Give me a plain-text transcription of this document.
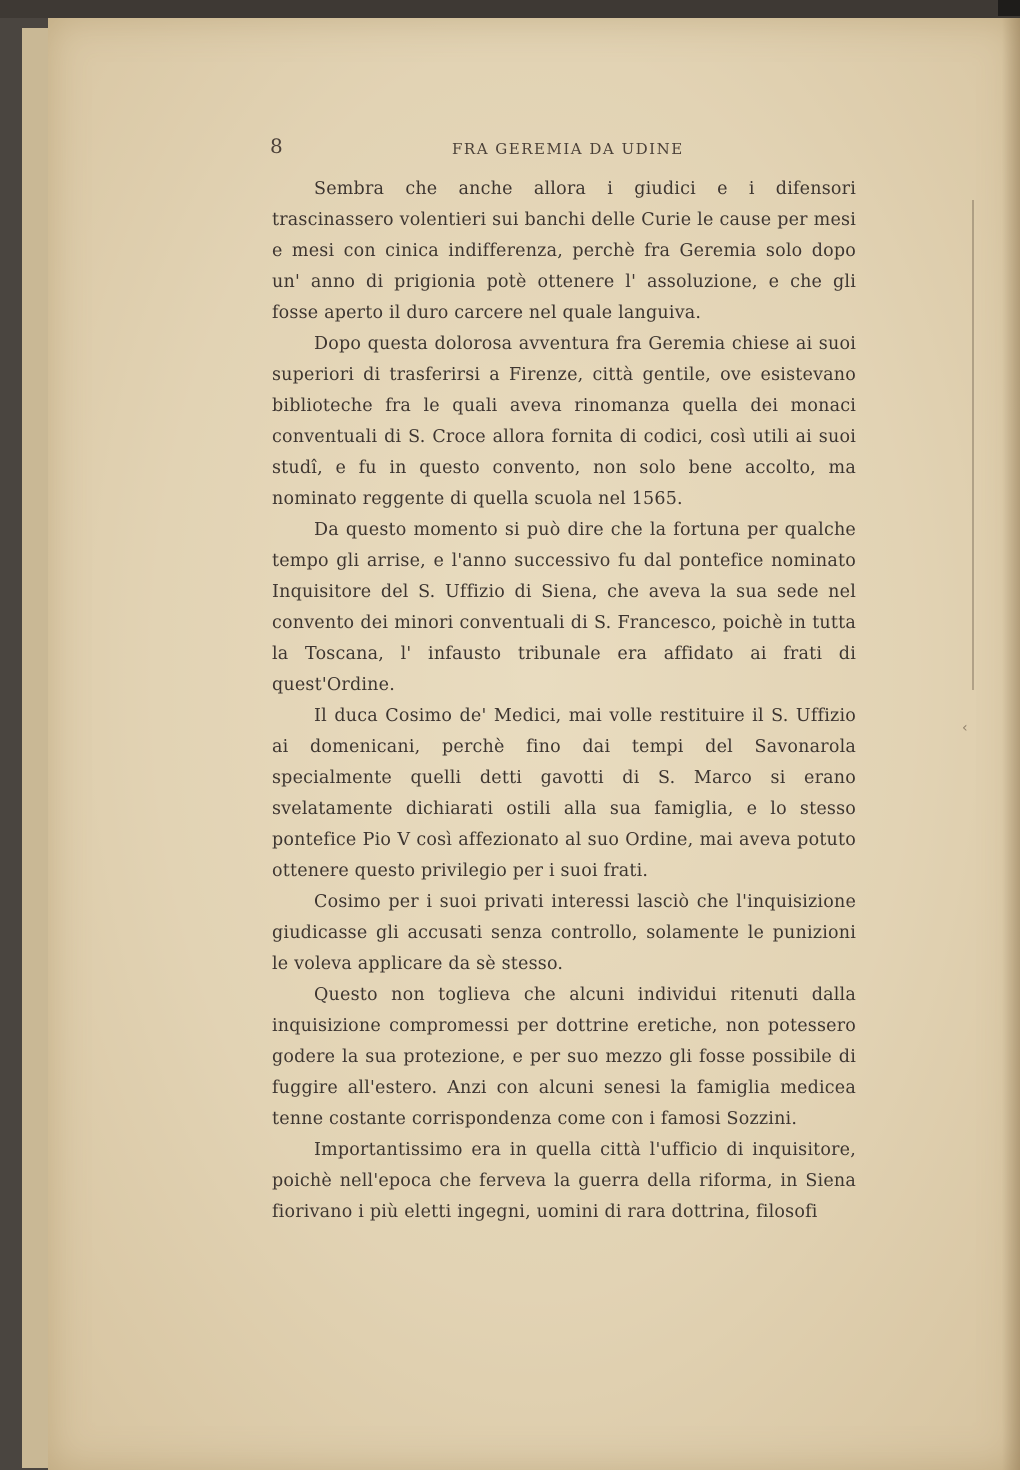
8	FRA GEREMIA DA UDINE

Sembra che anche allora i giudici e i difensori trascinassero volentieri sui banchi delle Curie le cause per mesi e mesi con cinica indifferenza, perchè fra Geremia solo dopo un' anno di prigionia potè ottenere l' assoluzione, e che gli fosse aperto il duro carcere nel quale languiva.

Dopo questa dolorosa avventura fra Geremia chiese ai suoi superiori di trasferirsi a Firenze, città gentile, ove esistevano biblioteche fra le quali aveva rinomanza quella dei monaci conventuali di S. Croce allora fornita di codici, così utili ai suoi studî, e fu in questo convento, non solo bene accolto, ma nominato reggente di quella scuola nel 1565.

Da questo momento si può dire che la fortuna per qualche tempo gli arrise, e l'anno successivo fu dal pontefice nominato Inquisitore del S. Uffizio di Siena, che aveva la sua sede nel convento dei minori conventuali di S. Francesco, poichè in tutta la Toscana, l' infausto tribunale era affidato ai frati di quest'Ordine.

Il duca Cosimo de' Medici, mai volle restituire il S. Uffizio ai domenicani, perchè fino dai tempi del Savonarola specialmente quelli detti gavotti di S. Marco si erano svelatamente dichiarati ostili alla sua famiglia, e lo stesso pontefice Pio V così affezionato al suo Ordine, mai aveva potuto ottenere questo privilegio per i suoi frati.

Cosimo per i suoi privati interessi lasciò che l'inquisizione giudicasse gli accusati senza controllo, solamente le punizioni le voleva applicare da sè stesso.

Questo non toglieva che alcuni individui ritenuti dalla inquisizione compromessi per dottrine eretiche, non potessero godere la sua protezione, e per suo mezzo gli fosse possibile di fuggire all'estero. Anzi con alcuni senesi la famiglia medicea tenne costante corrispondenza come con i famosi Sozzini.

Importantissimo era in quella città l'ufficio di inquisitore, poichè nell'epoca che ferveva la guerra della riforma, in Siena fiorivano i più eletti ingegni, uomini di rara dottrina, filosofi

‹
